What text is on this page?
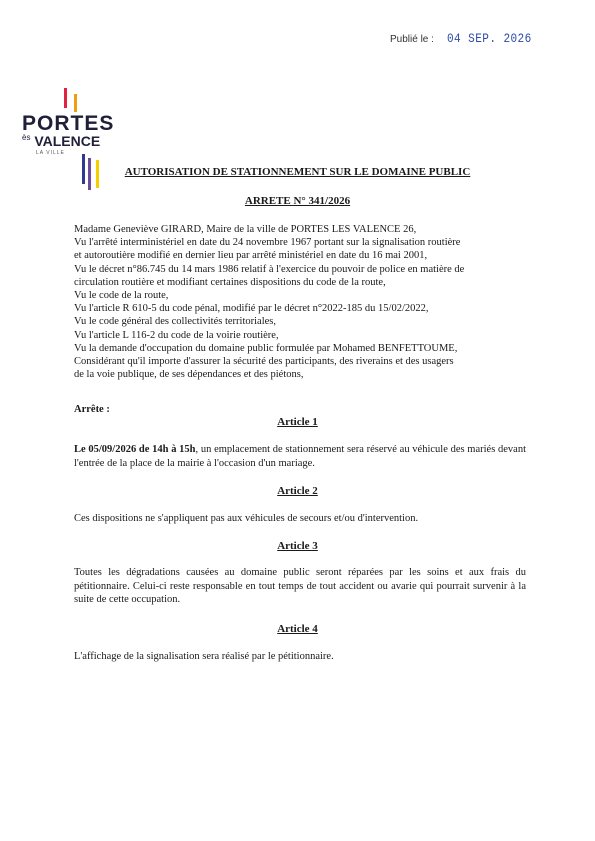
Publié le : 04 SEP. 2026
PORTES
$^{ès}$ VALENCE
LA VILLE
AUTORISATION DE STATIONNEMENT SUR LE DOMAINE PUBLIC
ARRETE N° 341/2026

Madame Geneviève GIRARD, Maire de la ville de PORTES LES VALENCE 26,

Vu l'arrêté interministériel en date du 24 novembre 1967 portant sur la signalisation routière

et autoroutière modifié en dernier lieu par arrêté ministériel en date du 16 mai 2001,

Vu le décret n°86.745 du 14 mars 1986 relatif à l'exercice du pouvoir de police en matière de

circulation routière et modifiant certaines dispositions du code de la route,

Vu le code de la route,

Vu l'article R 610-5 du code pénal, modifié par le décret n°2022-185 du 15/02/2022,

Vu le code général des collectivités territoriales,

Vu l'article L 116-2 du code de la voirie routière,

Vu la demande d'occupation du domaine public formulée par Mohamed BENFETTOUME,

Considérant qu'il importe d'assurer la sécurité des participants, des riverains et des usagers

de la voie publique, de ses dépendances et des piétons,

Arrête :
Article 1
Le 05/09/2026 de 14h à 15h, un emplacement de stationnement sera réservé au véhicule des mariés devant l'entrée de la place de la mairie à l'occasion d'un mariage.
Article 2
Ces dispositions ne s'appliquent pas aux véhicules de secours et/ou d'intervention.
Article 3
Toutes les dégradations causées au domaine public seront réparées par les soins et aux frais du pétitionnaire. Celui-ci reste responsable en tout temps de tout accident ou avarie qui pourrait survenir à la suite de cette occupation.
Article 4
L'affichage de la signalisation sera réalisé par le pétitionnaire.
